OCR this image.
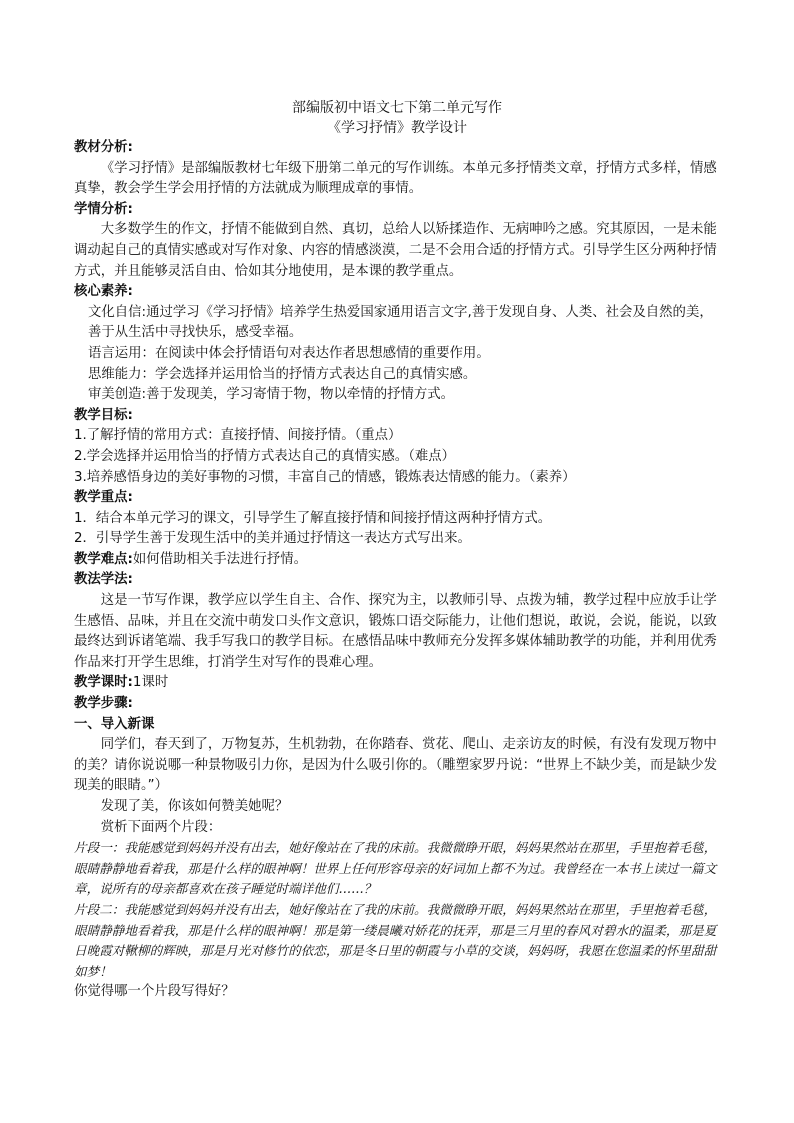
部编版初中语文七下第二单元写作

《学习抒情》教学设计

教材分析:

《学习抒情》是部编版教材七年级下册第二单元的写作训练。本单元多抒情类文章，抒情方式多样，情感真挚，教会学生学会用抒情的方法就成为顺理成章的事情。

学情分析:

大多数学生的作文，抒情不能做到自然、真切，总给人以矫揉造作、无病呻吟之感。究其原因，一是未能调动起自己的真情实感或对写作对象、内容的情感淡漠，二是不会用合适的抒情方式。引导学生区分两种抒情方式，并且能够灵活自由、恰如其分地使用，是本课的教学重点。

核心素养:

文化自信:通过学习《学习抒情》培养学生热爱国家通用语言文字,善于发现自身、人类、社会及自然的美，善于从生活中寻找快乐，感受幸福。

语言运用：在阅读中体会抒情语句对表达作者思想感情的重要作用。

思维能力：学会选择并运用恰当的抒情方式表达自己的真情实感。

审美创造:善于发现美，学习寄情于物，物以牵情的抒情方式。

教学目标:

1.了解抒情的常用方式：直接抒情、间接抒情。（重点）

2.学会选择并运用恰当的抒情方式表达自己的真情实感。（难点）

3.培养感悟身边的美好事物的习惯，丰富自己的情感，锻炼表达情感的能力。（素养）

教学重点:

1．结合本单元学习的课文，引导学生了解直接抒情和间接抒情这两种抒情方式。

2．引导学生善于发现生活中的美并通过抒情这一表达方式写出来。

教学难点:如何借助相关手法进行抒情。

教法学法:

这是一节写作课，教学应以学生自主、合作、探究为主，以教师引导、点拨为辅，教学过程中应放手让学生感悟、品味，并且在交流中萌发口头作文意识，锻炼口语交际能力，让他们想说，敢说，会说，能说，以致最终达到诉诸笔端、我手写我口的教学目标。在感悟品味中教师充分发挥多媒体辅助教学的功能，并利用优秀作品来打开学生思维，打消学生对写作的畏难心理。

教学课时:1课时

教学步骤:

一、导入新课

同学们，春天到了，万物复苏，生机勃勃，在你踏春、赏花、爬山、走亲访友的时候，有没有发现万物中的美？请你说说哪一种景物吸引力你，是因为什么吸引你的。（雕塑家罗丹说：“世界上不缺少美，而是缺少发现美的眼睛。”）

发现了美，你该如何赞美她呢？

赏析下面两个片段：

片段一：我能感觉到妈妈并没有出去，她好像站在了我的床前。我微微睁开眼，妈妈果然站在那里，手里抱着毛毯，眼睛静静地看着我，那是什么样的眼神啊！世界上任何形容母亲的好词加上都不为过。我曾经在一本书上读过一篇文章，说所有的母亲都喜欢在孩子睡觉时端详他们……？

片段二：我能感觉到妈妈并没有出去，她好像站在了我的床前。我微微睁开眼，妈妈果然站在那里，手里抱着毛毯，眼睛静静地看着我，那是什么样的眼神啊！那是第一缕晨曦对娇花的抚弄，那是三月里的春风对碧水的温柔，那是夏日晚霞对鞦柳的辉映，那是月光对修竹的依恋，那是冬日里的朝霞与小草的交谈，妈妈呀，我愿在您温柔的怀里甜甜如梦！

你觉得哪一个片段写得好？
